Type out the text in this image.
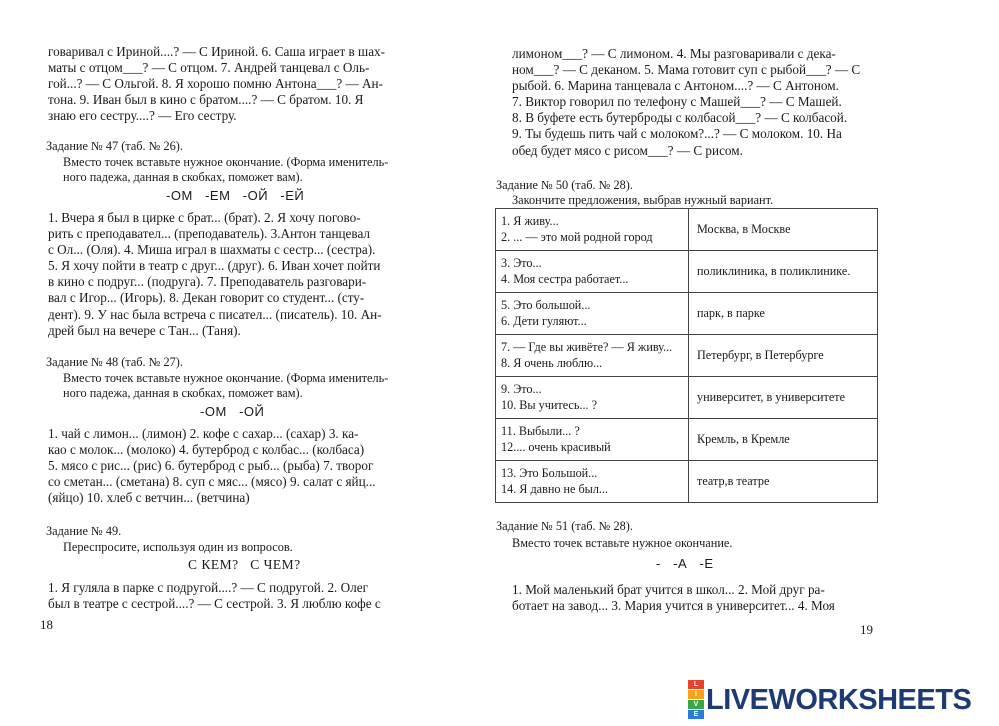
говаривал с Ириной....? — С Ириной. 6. Саша играет в шах-
маты с отцом___? — С отцом. 7. Андрей танцевал с Оль-
гой...? — С Ольгой. 8. Я хорошо помню Антона___? — Ан-
тона. 9. Иван был в кино с братом....? — С братом. 10. Я
знаю его сестру....? — Его сестру.
Задание № 47 (таб. № 26).
Вместо точек вставьте нужное окончание. (Форма именитель-
ного падежа, данная в скобках, поможет вам).
-ОМ   -ЕМ   -ОЙ   -ЕЙ
1. Вчера я был в цирке с брат... (брат). 2. Я хочу погово-
рить с преподавател... (преподаватель). 3.Антон танцевал
с Ол... (Оля). 4. Миша играл в шахматы с сестр... (сестра).
5. Я хочу пойти в театр с друг... (друг). 6. Иван хочет пойти
в кино с подруг... (подруга). 7. Преподаватель разговари-
вал с Игор... (Игорь). 8. Декан говорит со студент... (сту-
дент). 9. У нас была встреча с писател... (писатель). 10. Ан-
дрей был на вечере с Тан... (Таня).
Задание № 48 (таб. № 27).
Вместо точек вставьте нужное окончание. (Форма именитель-
ного падежа, данная в скобках, поможет вам).
-ОМ   -ОЙ
1. чай с лимон... (лимон) 2. кофе с сахар... (сахар) 3. ка-
као с молок... (молоко) 4. бутерброд с колбас... (колбаса)
5. мясо с рис... (рис) 6. бутерброд с рыб... (рыба) 7. творог
со сметан... (сметана) 8. суп с мяс... (мясо) 9. салат с яйц...
(яйцо) 10. хлеб с ветчин... (ветчина)
Задание № 49.
Переспросите, используя один из вопросов.
С КЕМ?   С ЧЕМ?
1. Я гуляла в парке с подругой....? — С подругой. 2. Олег
был в театре с сестрой....? — С сестрой. 3. Я люблю кофе с
18
лимоном___? — С лимоном. 4. Мы разговаривали с дека-
ном___? — С деканом. 5. Мама готовит суп с рыбой___? — С
рыбой. 6. Марина танцевала с Антоном....? — С Антоном.
7. Виктор говорил по телефону с Машей___? — С Машей.
8. В буфете есть бутерброды с колбасой___? — С колбасой.
9. Ты будешь пить чай с молоком?...? — С молоком. 10. На
обед будет мясо с рисом___? — С рисом.
Задание № 50 (таб. № 28).
Закончите предложения, выбрав нужный вариант.
1. Я живу...
2. ... — это мой родной город	Москва, в Москве

3. Это...
4. Моя сестра работает...	поликлиника, в поликлинике.

5. Это большой...
6. Дети гуляют...	парк, в парке

7. — Где вы живёте? — Я живу...
8. Я очень люблю...	Петербург, в Петербурге

9. Это...
10. Вы учитесь... ?	университет, в университете

11. Выбыли... ?
12.... очень красивый	Кремль, в Кремле

13. Это Большой...
14. Я давно не был...	театр,в театре
Задание № 51 (таб. № 28).
Вместо точек вставьте нужное окончание.
-   -А   -Е
1. Мой маленький брат учится в школ... 2. Мой друг ра-
ботает на завод... 3. Мария учится в университет... 4. Моя
19
L
I
V
E LIVEWORKSHEETS
